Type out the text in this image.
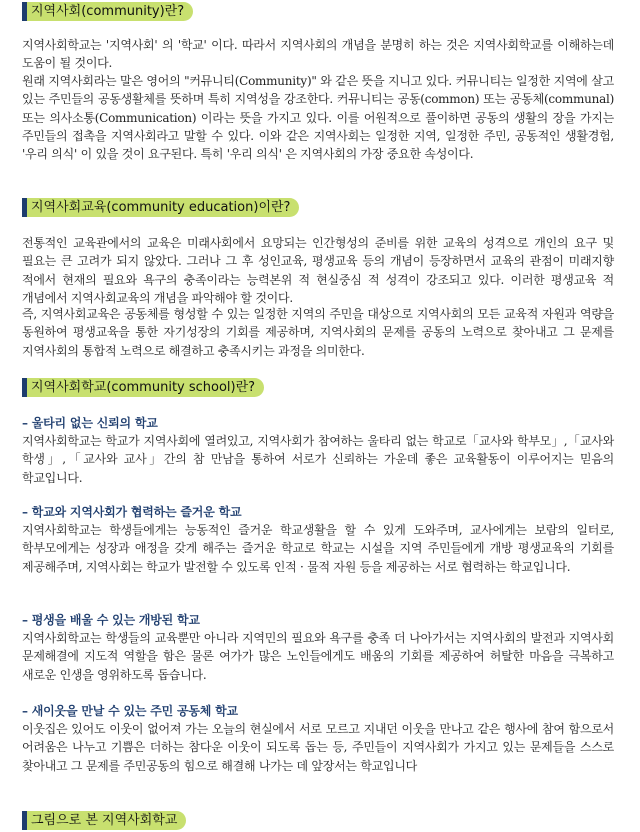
지역사회(community)란?

지역사회학교는 '지역사회' 의 '학교' 이다. 따라서 지역사회의 개념을 분명히 하는 것은 지역사회학교를 이해하는데 도움이 될 것이다.

원래 지역사회라는 말은 영어의 "커뮤니티(Community)" 와 같은 뜻을 지니고 있다. 커뮤니티는 일정한 지역에 살고 있는 주민들의 공동생활체를 뜻하며 특히 지역성을 강조한다. 커뮤니티는 공동(common) 또는 공동체(communal) 또는 의사소통(Communication) 이라는 뜻을 가지고 있다. 이를 어원적으로 풀이하면 공동의 생활의 장을 가지는 주민들의 접촉을 지역사회라고 말할 수 있다. 이와 같은 지역사회는 일정한 지역, 일정한 주민, 공동적인 생활경험, '우리 의식' 이 있을 것이 요구된다. 특히 '우리 의식' 은 지역사회의 가장 중요한 속성이다.

지역사회교육(community education)이란?

전통적인 교육관에서의 교육은 미래사회에서 요망되는 인간형성의 준비를 위한 교육의 성격으로 개인의 요구 및 필요는 큰 고려가 되지 않았다. 그러나 그 후 성인교육, 평생교육 등의 개념이 등장하면서 교육의 관점이 미래지향 적에서 현재의 필요와 욕구의 충족이라는 능력본위 적 현실중심 적 성격이 강조되고 있다. 이러한 평생교육 적 개념에서 지역사회교육의 개념을 파악해야 할 것이다.

즉, 지역사회교육은 공동체를 형성할 수 있는 일정한 지역의 주민을 대상으로 지역사회의 모든 교육적 자원과 역량을 동원하여 평생교육을 통한 자기성장의 기회를 제공하며, 지역사회의 문제를 공동의 노력으로 찾아내고 그 문제를 지역사회의 통합적 노력으로 해결하고 충족시키는 과정을 의미한다.

지역사회학교(community school)란?

– 울타리 없는 신뢰의 학교

지역사회학교는 학교가 지역사회에 열려있고, 지역사회가 참여하는 울타리 없는 학교로「교사와 학부모」,「교사와 학생」,「교사와 교사」간의 참 만남을 통하여 서로가 신뢰하는 가운데 좋은 교육활동이 이루어지는 믿음의 학교입니다.

– 학교와 지역사회가 협력하는 즐거운 학교

지역사회학교는 학생들에게는 능동적인 즐거운 학교생활을 할 수 있게 도와주며, 교사에게는 보람의 일터로, 학부모에게는 성장과 애정을 갖게 해주는 즐거운 학교로 학교는 시설을 지역 주민들에게 개방 평생교육의 기회를 제공해주며, 지역사회는 학교가 발전할 수 있도록 인적 · 물적 자원 등을 제공하는 서로 협력하는 학교입니다.

– 평생을 배울 수 있는 개방된 학교

지역사회학교는 학생들의 교육뿐만 아니라 지역민의 필요와 욕구를 충족 더 나아가서는 지역사회의 발전과 지역사회 문제해결에 지도적 역할을 함은 물론 여가가 많은 노인들에게도 배움의 기회를 제공하여 허탈한 마음을 극복하고 새로운 인생을 영위하도록 돕습니다.

– 새이웃을 만날 수 있는 주민 공동체 학교

이웃집은 있어도 이웃이 없어져 가는 오늘의 현실에서 서로 모르고 지내던 이웃을 만나고 같은 행사에 참여 함으로서 어려움은 나누고 기쁨은 더하는 참다운 이웃이 되도록 돕는 등, 주민들이 지역사회가 가지고 있는 문제들을 스스로 찾아내고 그 문제를 주민공동의 힘으로 해결해 나가는 데 앞장서는 학교입니다

그림으로 본 지역사회학교
